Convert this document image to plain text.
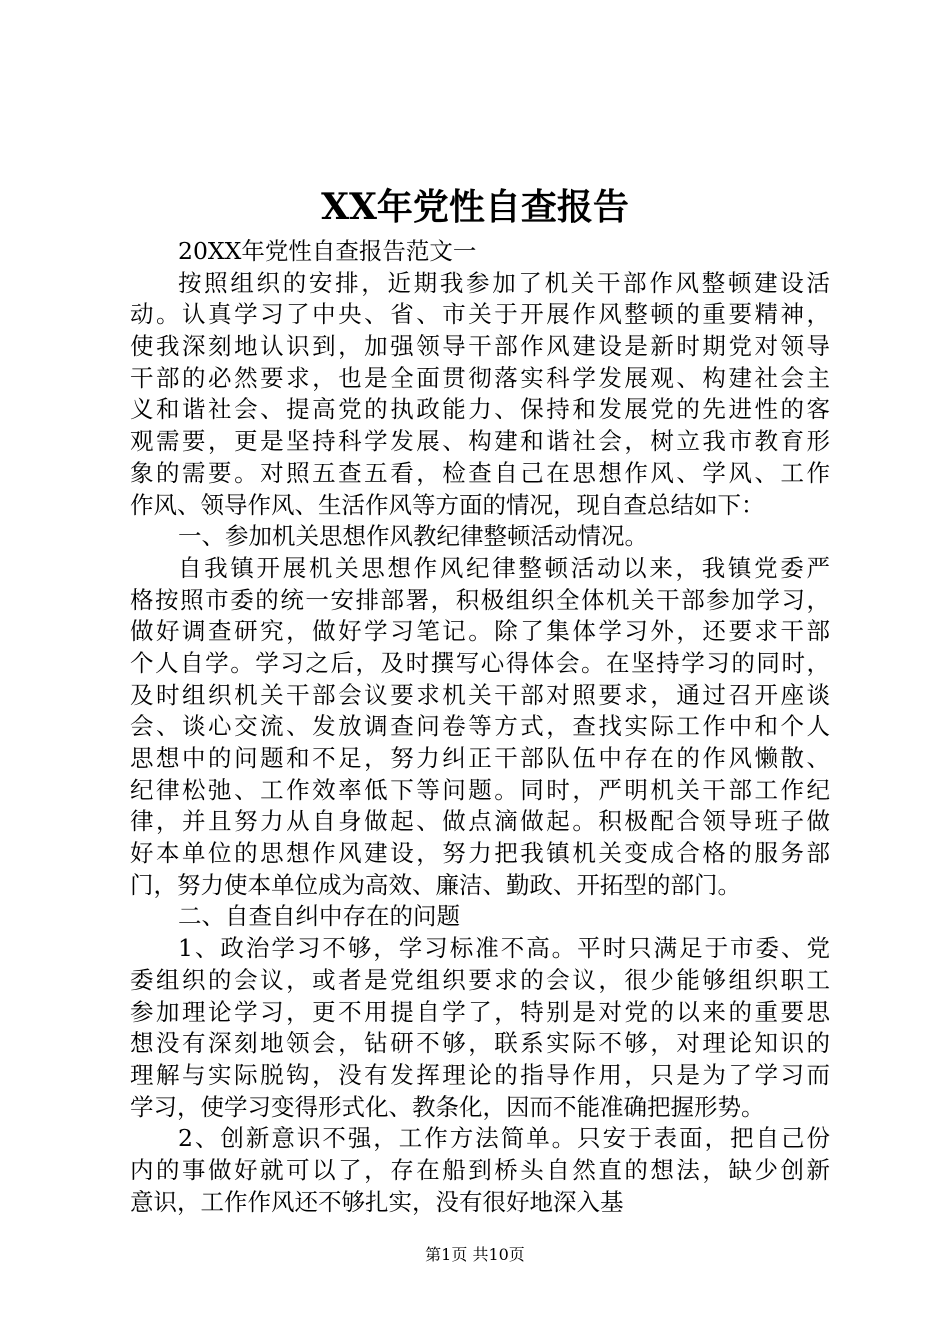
XX年党性自查报告
20XX年党性自查报告范文一
按照组织的安排，近期我参加了机关干部作风整顿建设活
动。认真学习了中央、省、市关于开展作风整顿的重要精神，
使我深刻地认识到，加强领导干部作风建设是新时期党对领导
干部的必然要求，也是全面贯彻落实科学发展观、构建社会主
义和谐社会、提高党的执政能力、保持和发展党的先进性的客
观需要，更是坚持科学发展、构建和谐社会，树立我市教育形
象的需要。对照五查五看，检查自己在思想作风、学风、工作
作风、领导作风、生活作风等方面的情况，现自查总结如下：
一、参加机关思想作风教纪律整顿活动情况。
自我镇开展机关思想作风纪律整顿活动以来，我镇党委严
格按照市委的统一安排部署，积极组织全体机关干部参加学习，
做好调查研究，做好学习笔记。除了集体学习外，还要求干部
个人自学。学习之后，及时撰写心得体会。在坚持学习的同时，
及时组织机关干部会议要求机关干部对照要求，通过召开座谈
会、谈心交流、发放调查问卷等方式，查找实际工作中和个人
思想中的问题和不足，努力纠正干部队伍中存在的作风懒散、
纪律松弛、工作效率低下等问题。同时，严明机关干部工作纪
律，并且努力从自身做起、做点滴做起。积极配合领导班子做
好本单位的思想作风建设，努力把我镇机关变成合格的服务部
门，努力使本单位成为高效、廉洁、勤政、开拓型的部门。
二、自查自纠中存在的问题
1、政治学习不够，学习标准不高。平时只满足于市委、党
委组织的会议，或者是党组织要求的会议，很少能够组织职工
参加理论学习，更不用提自学了，特别是对党的以来的重要思
想没有深刻地领会，钻研不够，联系实际不够，对理论知识的
理解与实际脱钩，没有发挥理论的指导作用，只是为了学习而
学习，使学习变得形式化、教条化，因而不能准确把握形势。
2、创新意识不强，工作方法简单。只安于表面，把自己份
内的事做好就可以了，存在船到桥头自然直的想法，缺少创新
意识，工作作风还不够扎实，没有很好地深入基
第1页 共10页
